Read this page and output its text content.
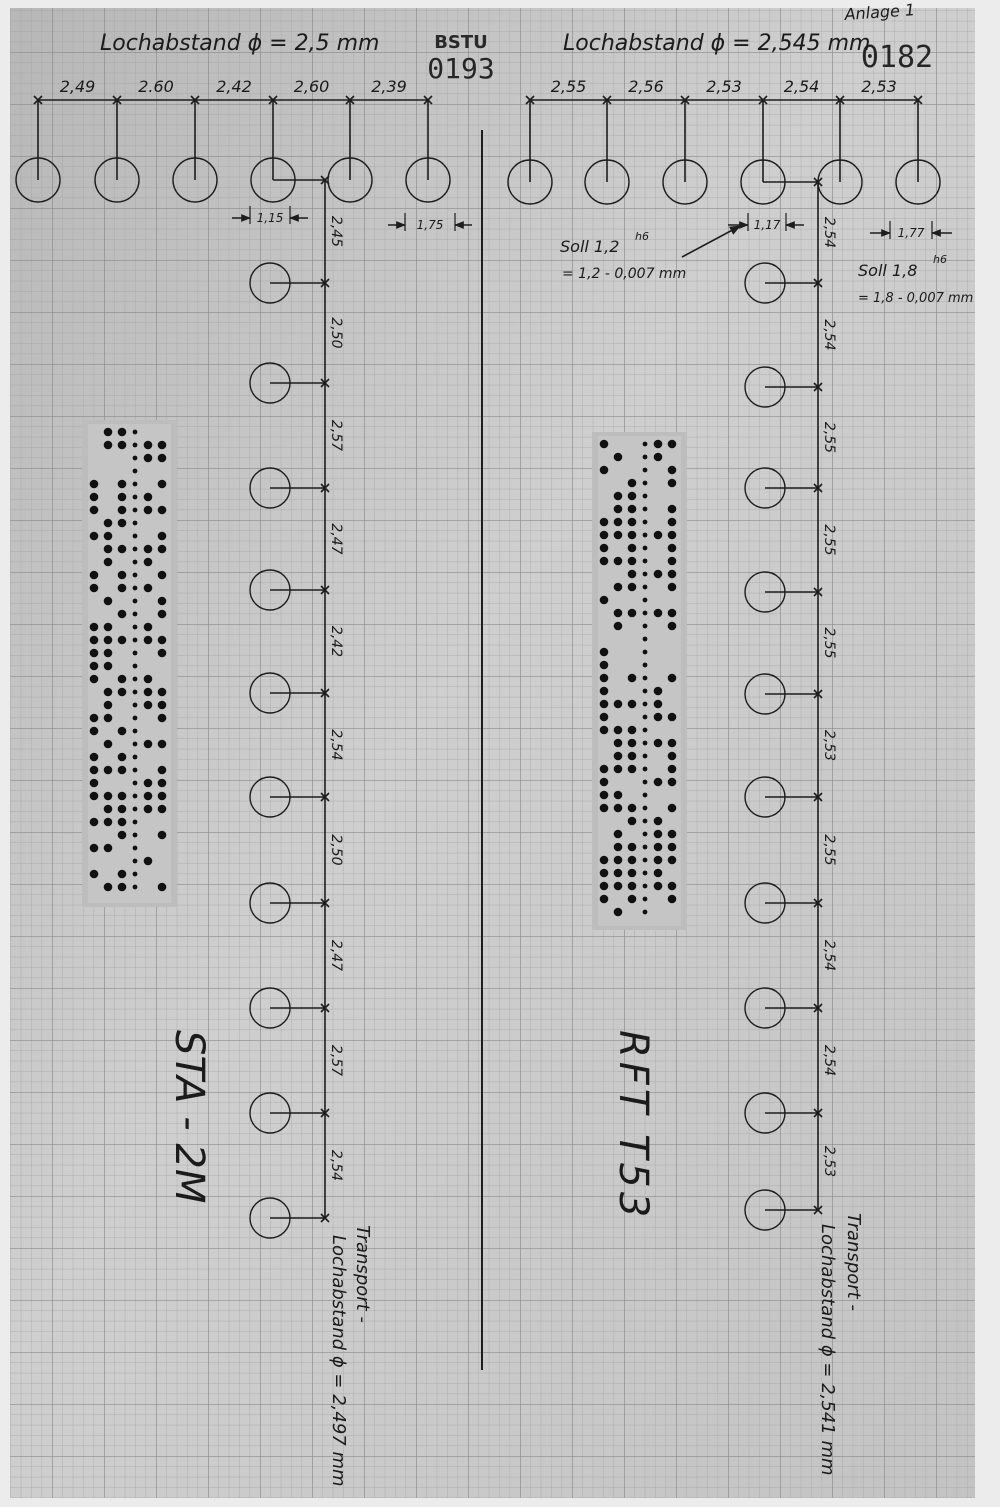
2,49	2.60	2,42	2,60	2,39
1,15	1,75
2,45
2,50
2,57
2,47
2,42
2,54
2,50
2,47
2,57
2,54
2,55	2,56	2,53	2,54	2,53
1,17
1,77
2,54
2,54
2,55
2,55
2,55
2,53
2,55
2,54
2,54
2,53
Anlage 1
0182
BSTU
0193
Lochabstand ϕ = 2,5 mm	Lochabstand ϕ = 2,545 mm
Soll 1,2
h6
= 1,2 - 0,007 mm	Soll 1,8
h6
= 1,8 - 0,007 mm
STA - 2M	RFT T53
Transport -
Lochabstand ϕ = 2,497 mm	Transport -
Lochabstand ϕ = 2,541 mm
